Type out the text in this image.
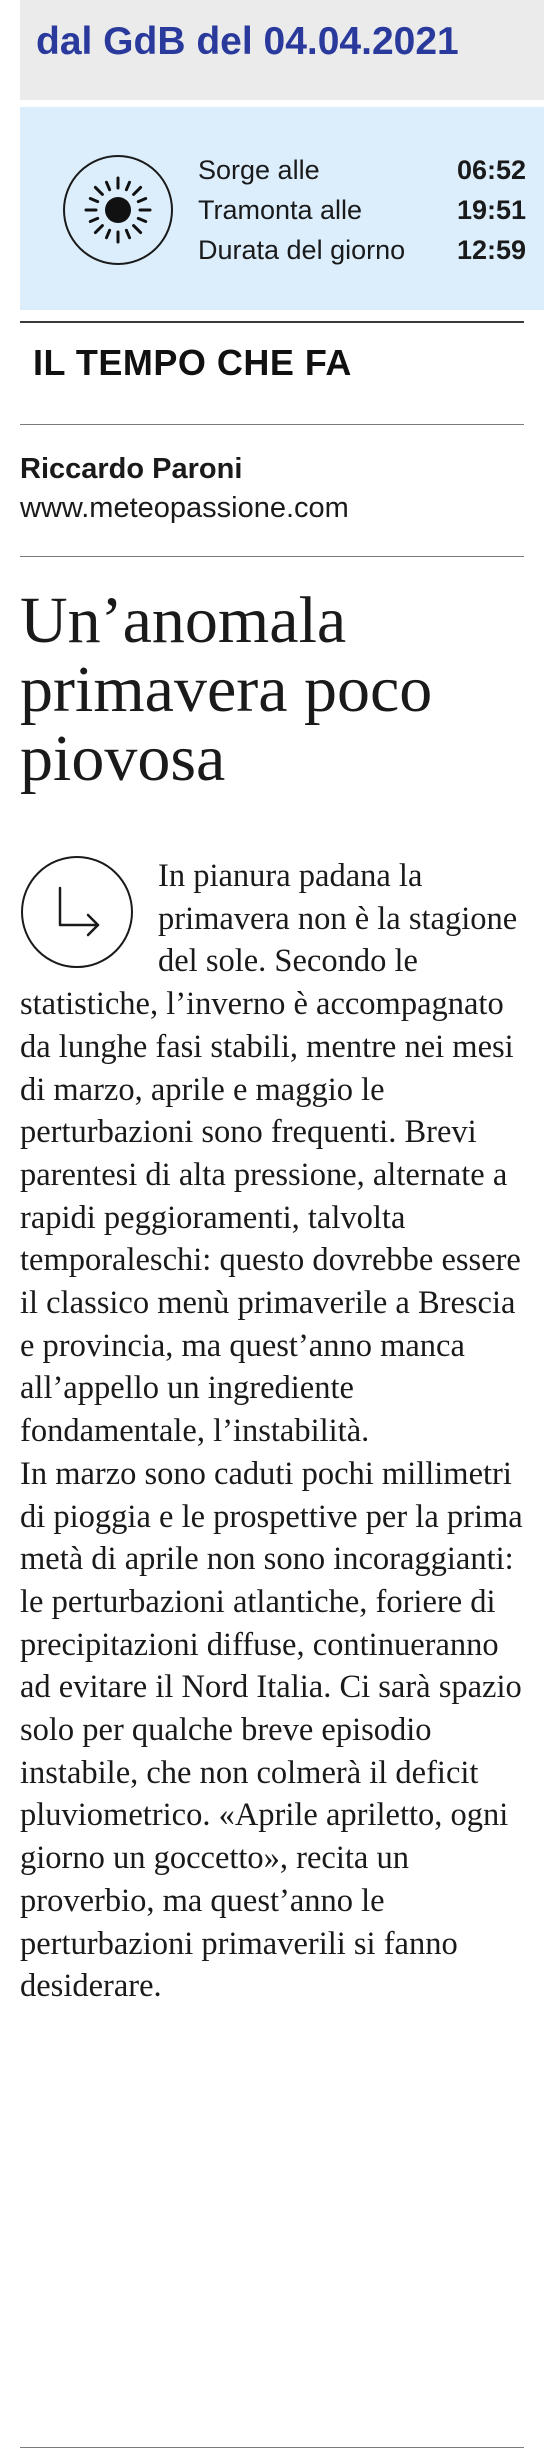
dal GdB del 04.04.2021
Sorge alle	06:52
Tramonta alle	19:51
Durata del giorno 12:59
IL TEMPO CHE FA
Riccardo Paroni
www.meteopassione.com
Un’anomala primavera poco piovosa

In pianura padana la primavera non è la stagione del sole. Secondo le statistiche, l’inverno è accompagnato da lunghe fasi stabili, mentre nei mesi di marzo, aprile e maggio le perturbazioni sono frequenti. Brevi parentesi di alta pressione, alternate a rapidi peggioramenti, talvolta temporaleschi: questo dovrebbe essere il classico menù primaverile a Brescia e provincia, ma quest’anno manca all’appello un ingrediente fondamentale, l’instabilità.

In marzo sono caduti pochi millimetri di pioggia e le prospettive per la prima metà di aprile non sono incoraggianti: le perturbazioni atlantiche, foriere di precipitazioni diffuse, continueranno ad evitare il Nord Italia. Ci sarà spazio solo per qualche breve episodio instabile, che non colmerà il deficit pluviometrico. «Aprile apriletto, ogni giorno un goccetto», recita un proverbio, ma quest’anno le perturbazioni primaverili si fanno desiderare.
